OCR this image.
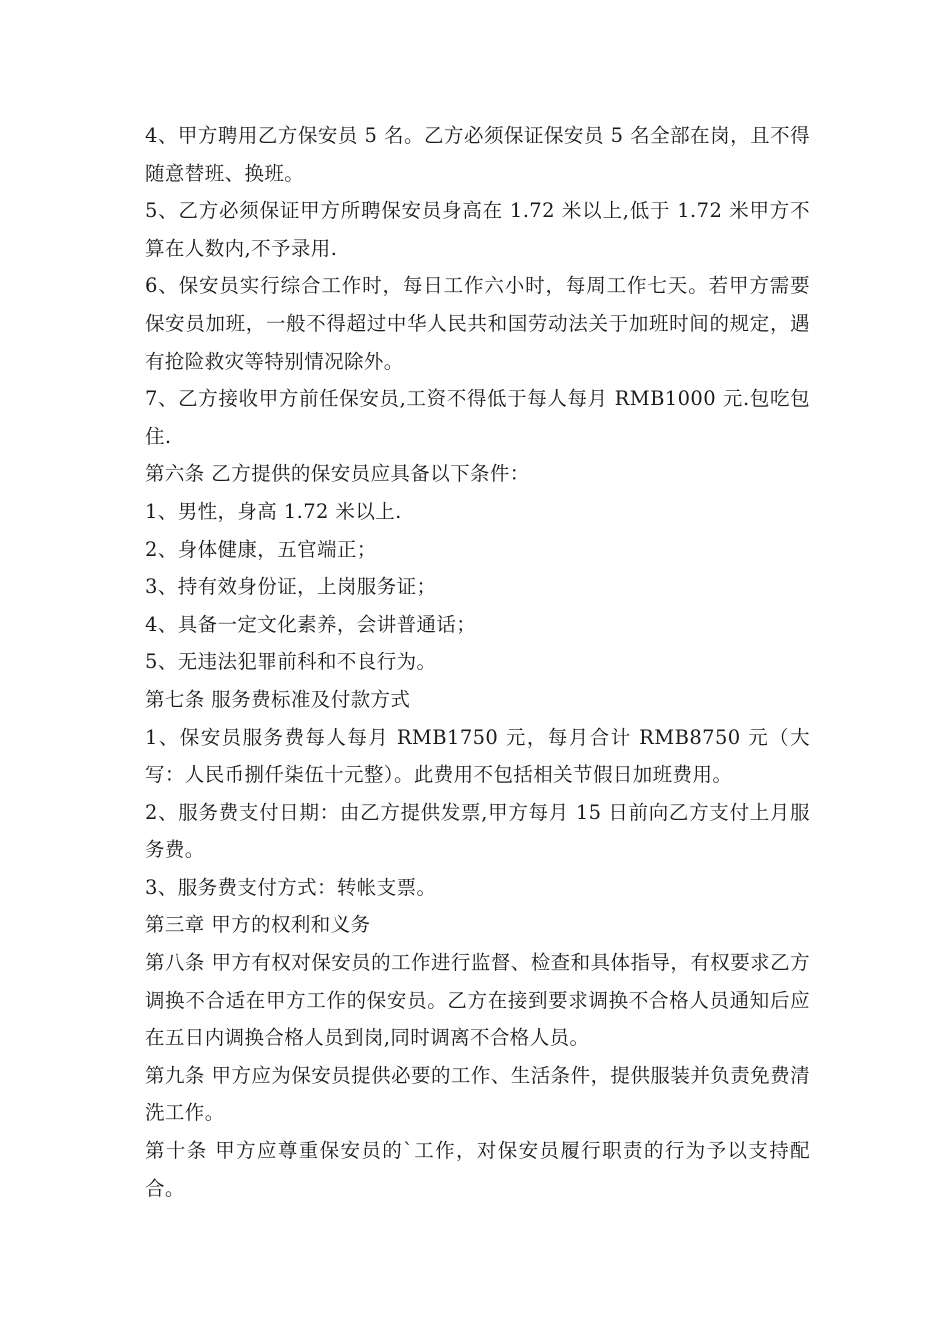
4、甲方聘用乙方保安员 5 名。乙方必须保证保安员 5 名全部在岗，且不得随意替班、换班。

5、乙方必须保证甲方所聘保安员身高在 1.72 米以上,低于 1.72 米甲方不算在人数内,不予录用.

6、保安员实行综合工作时，每日工作六小时，每周工作七天。若甲方需要保安员加班，一般不得超过中华人民共和国劳动法关于加班时间的规定，遇有抢险救灾等特别情况除外。

7、乙方接收甲方前任保安员,工资不得低于每人每月 RMB1000 元.包吃包住.

第六条 乙方提供的保安员应具备以下条件：

1、男性，身高 1.72 米以上.

2、身体健康，五官端正；

3、持有效身份证，上岗服务证；

4、具备一定文化素养，会讲普通话；

5、无违法犯罪前科和不良行为。

第七条 服务费标准及付款方式

1、保安员服务费每人每月 RMB1750 元，每月合计 RMB8750 元（大写：人民币捌仟柒伍十元整）。此费用不包括相关节假日加班费用。

2、服务费支付日期：由乙方提供发票,甲方每月 15 日前向乙方支付上月服务费。

3、服务费支付方式：转帐支票。

第三章 甲方的权利和义务

第八条 甲方有权对保安员的工作进行监督、检查和具体指导，有权要求乙方调换不合适在甲方工作的保安员。乙方在接到要求调换不合格人员通知后应在五日内调换合格人员到岗,同时调离不合格人员。

第九条 甲方应为保安员提供必要的工作、生活条件，提供服装并负责免费清洗工作。

第十条 甲方应尊重保安员的`工作，对保安员履行职责的行为予以支持配合。
